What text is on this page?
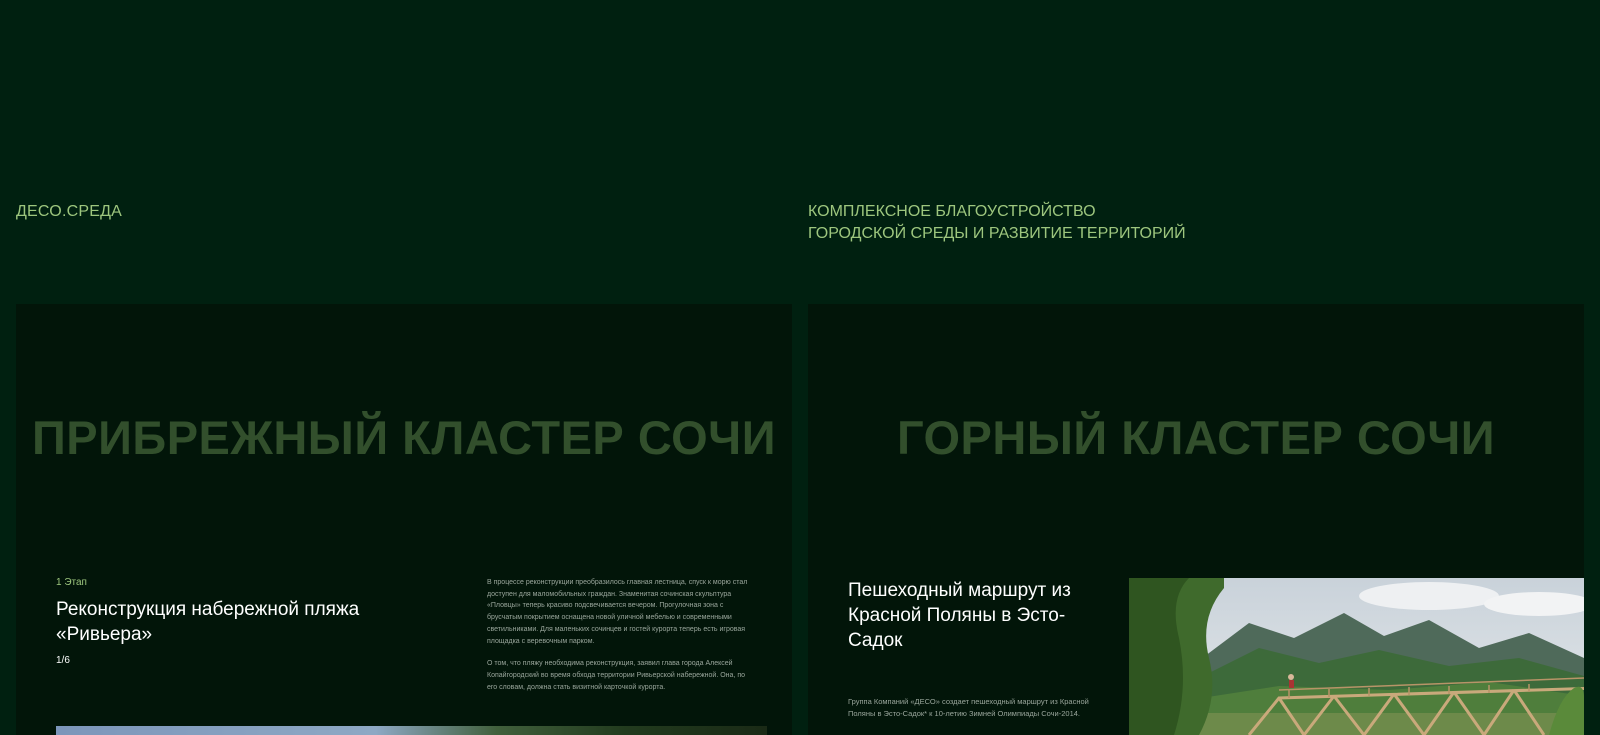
ДЕСО.СРЕДА	КОМПЛЕКСНОЕ БЛАГОУСТРОЙСТВО
ГОРОДСКОЙ СРЕДЫ И РАЗВИТИЕ ТЕРРИТОРИЙ
ПРИБРЕЖНЫЙ КЛАСТЕР СОЧИ
1 Этап
Реконструкция набережной пляжа «Ривьера»
1/6

В процессе реконструкции преобразилось главная лестница, спуск к морю стал доступен для маломобильных граждан. Знаменитая сочинская скульптура «Пловцы» теперь красиво подсвечивается вечером. Прогулочная зона с брусчатым покрытием оснащена новой уличной мебелью и современными светильниками. Для маленьких сочинцев и гостей курорта теперь есть игровая площадка с веревочным парком.

О том, что пляжу необходима реконструкция, заявил глава города Алексей Копайгородский во время обхода территории Ривьерской набережной. Она, по его словам, должна стать визитной карточкой курорта.

ГОРНЫЙ КЛАСТЕР СОЧИ
Пешеходный маршрут из Красной Поляны в Эсто-Садок
Группа Компаний «ДЕСО» создает пешеходный маршрут из Красной Поляны в Эсто-Садок* к 10-летию Зимней Олимпиады Сочи-2014.
